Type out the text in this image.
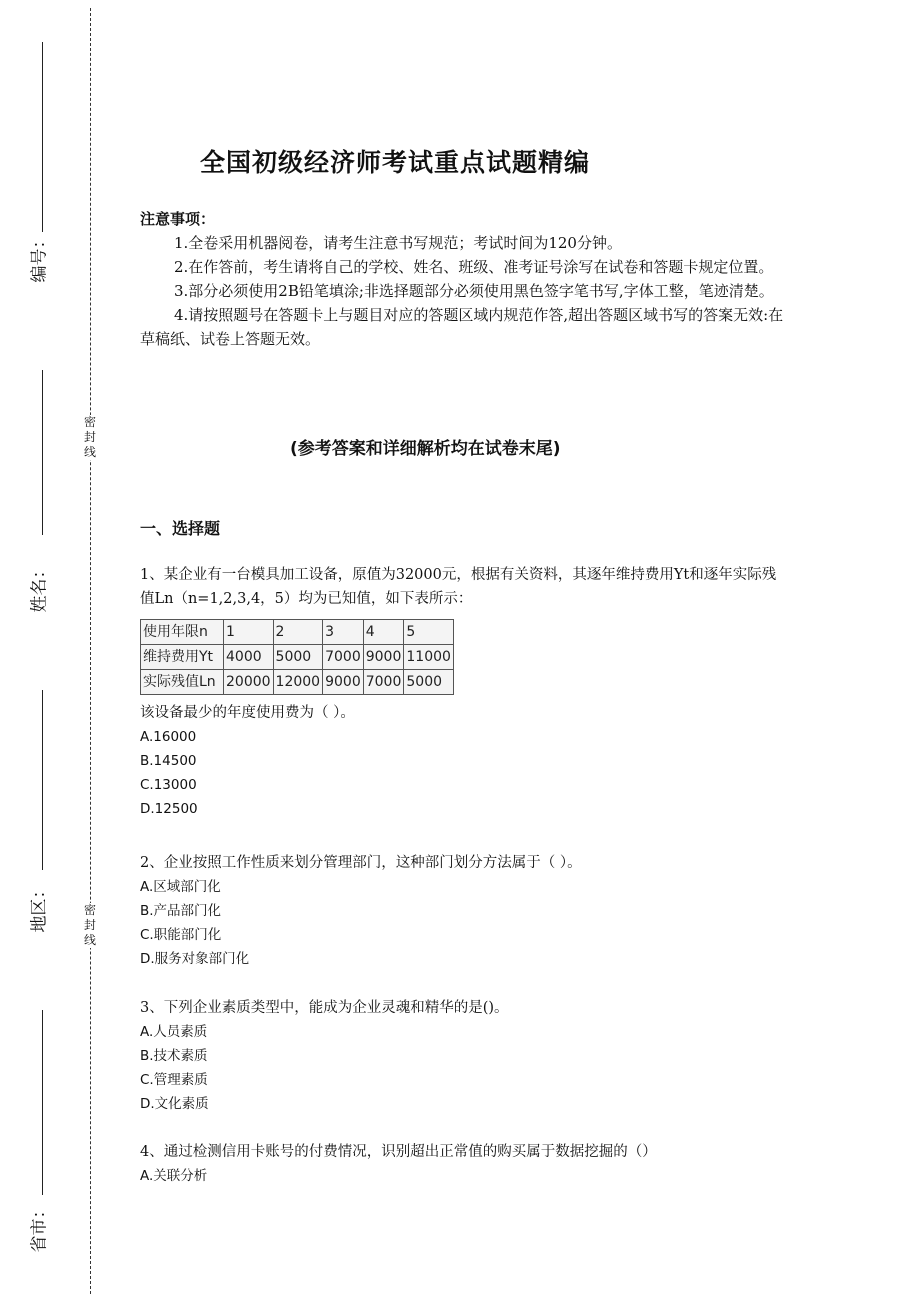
编号：
姓名：
地区：
省市：
密封线
密封线
全国初级经济师考试重点试题精编
注意事项：

1.全卷采用机器阅卷，请考生注意书写规范；考试时间为120分钟。

2.在作答前，考生请将自己的学校、姓名、班级、准考证号涂写在试卷和答题卡规定位置。

3.部分必须使用2B铅笔填涂;非选择题部分必须使用黑色签字笔书写,字体工整，笔迹清楚。

4.请按照题号在答题卡上与题目对应的答题区域内规范作答,超出答题区域书写的答案无效:在草稿纸、试卷上答题无效。

(参考答案和详细解析均在试卷末尾)
一、选择题

1、某企业有一台模具加工设备，原值为32000元，根据有关资料，其逐年维持费用Yt和逐年实际残值Ln（n=1,2,3,4，5）均为已知值，如下表所示：

使用年限n	1	2	3	4	5
维持费用Yt	4000	5000	7000	9000	11000
实际残值Ln	20000	12000	9000	7000	5000

该设备最少的年度使用费为（ ）。

A.16000

B.14500

C.13000

D.12500

2、企业按照工作性质来划分管理部门，这种部门划分方法属于（ ）。

A.区域部门化

B.产品部门化

C.职能部门化

D.服务对象部门化

3、下列企业素质类型中，能成为企业灵魂和精华的是()。

A.人员素质

B.技术素质

C.管理素质

D.文化素质

4、通过检测信用卡账号的付费情况，识别超出正常值的购买属于数据挖掘的（）

A.关联分析
